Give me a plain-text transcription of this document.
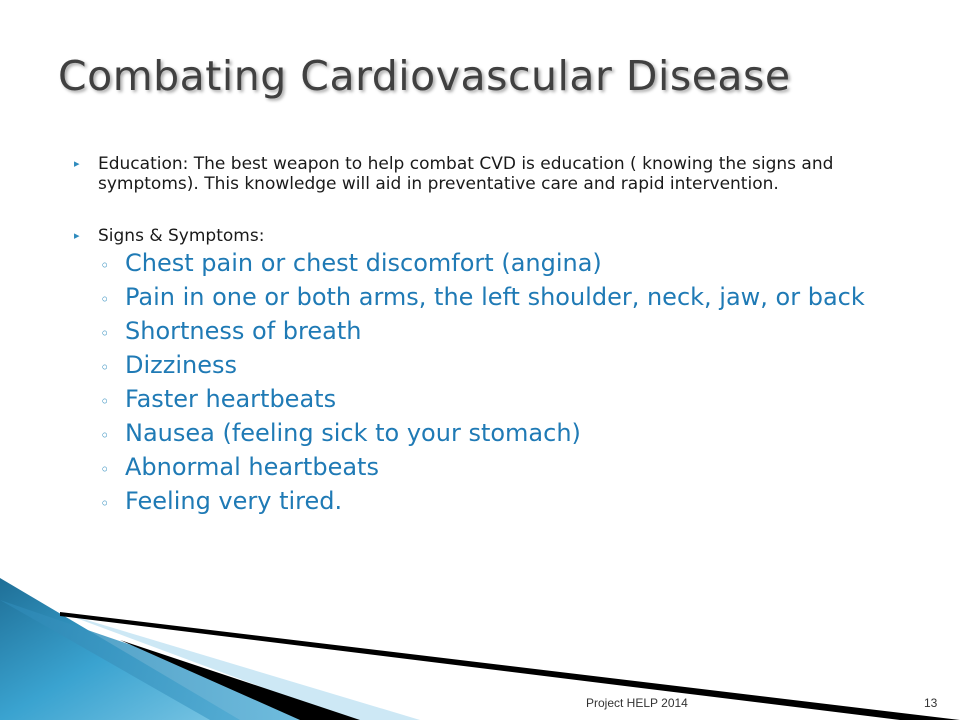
Combating Cardiovascular Disease
▸ Education: The best weapon to help combat CVD is education ( knowing the signs and symptoms). This knowledge will aid in preventative care and rapid intervention.
▸ Signs & Symptoms:
◦ Chest pain or chest discomfort (angina)
◦ Pain in one or both arms, the left shoulder, neck, jaw, or back
◦ Shortness of breath
◦ Dizziness
◦ Faster heartbeats
◦ Nausea (feeling sick to your stomach)
◦ Abnormal heartbeats
◦ Feeling very tired.
Project HELP 2014	13
